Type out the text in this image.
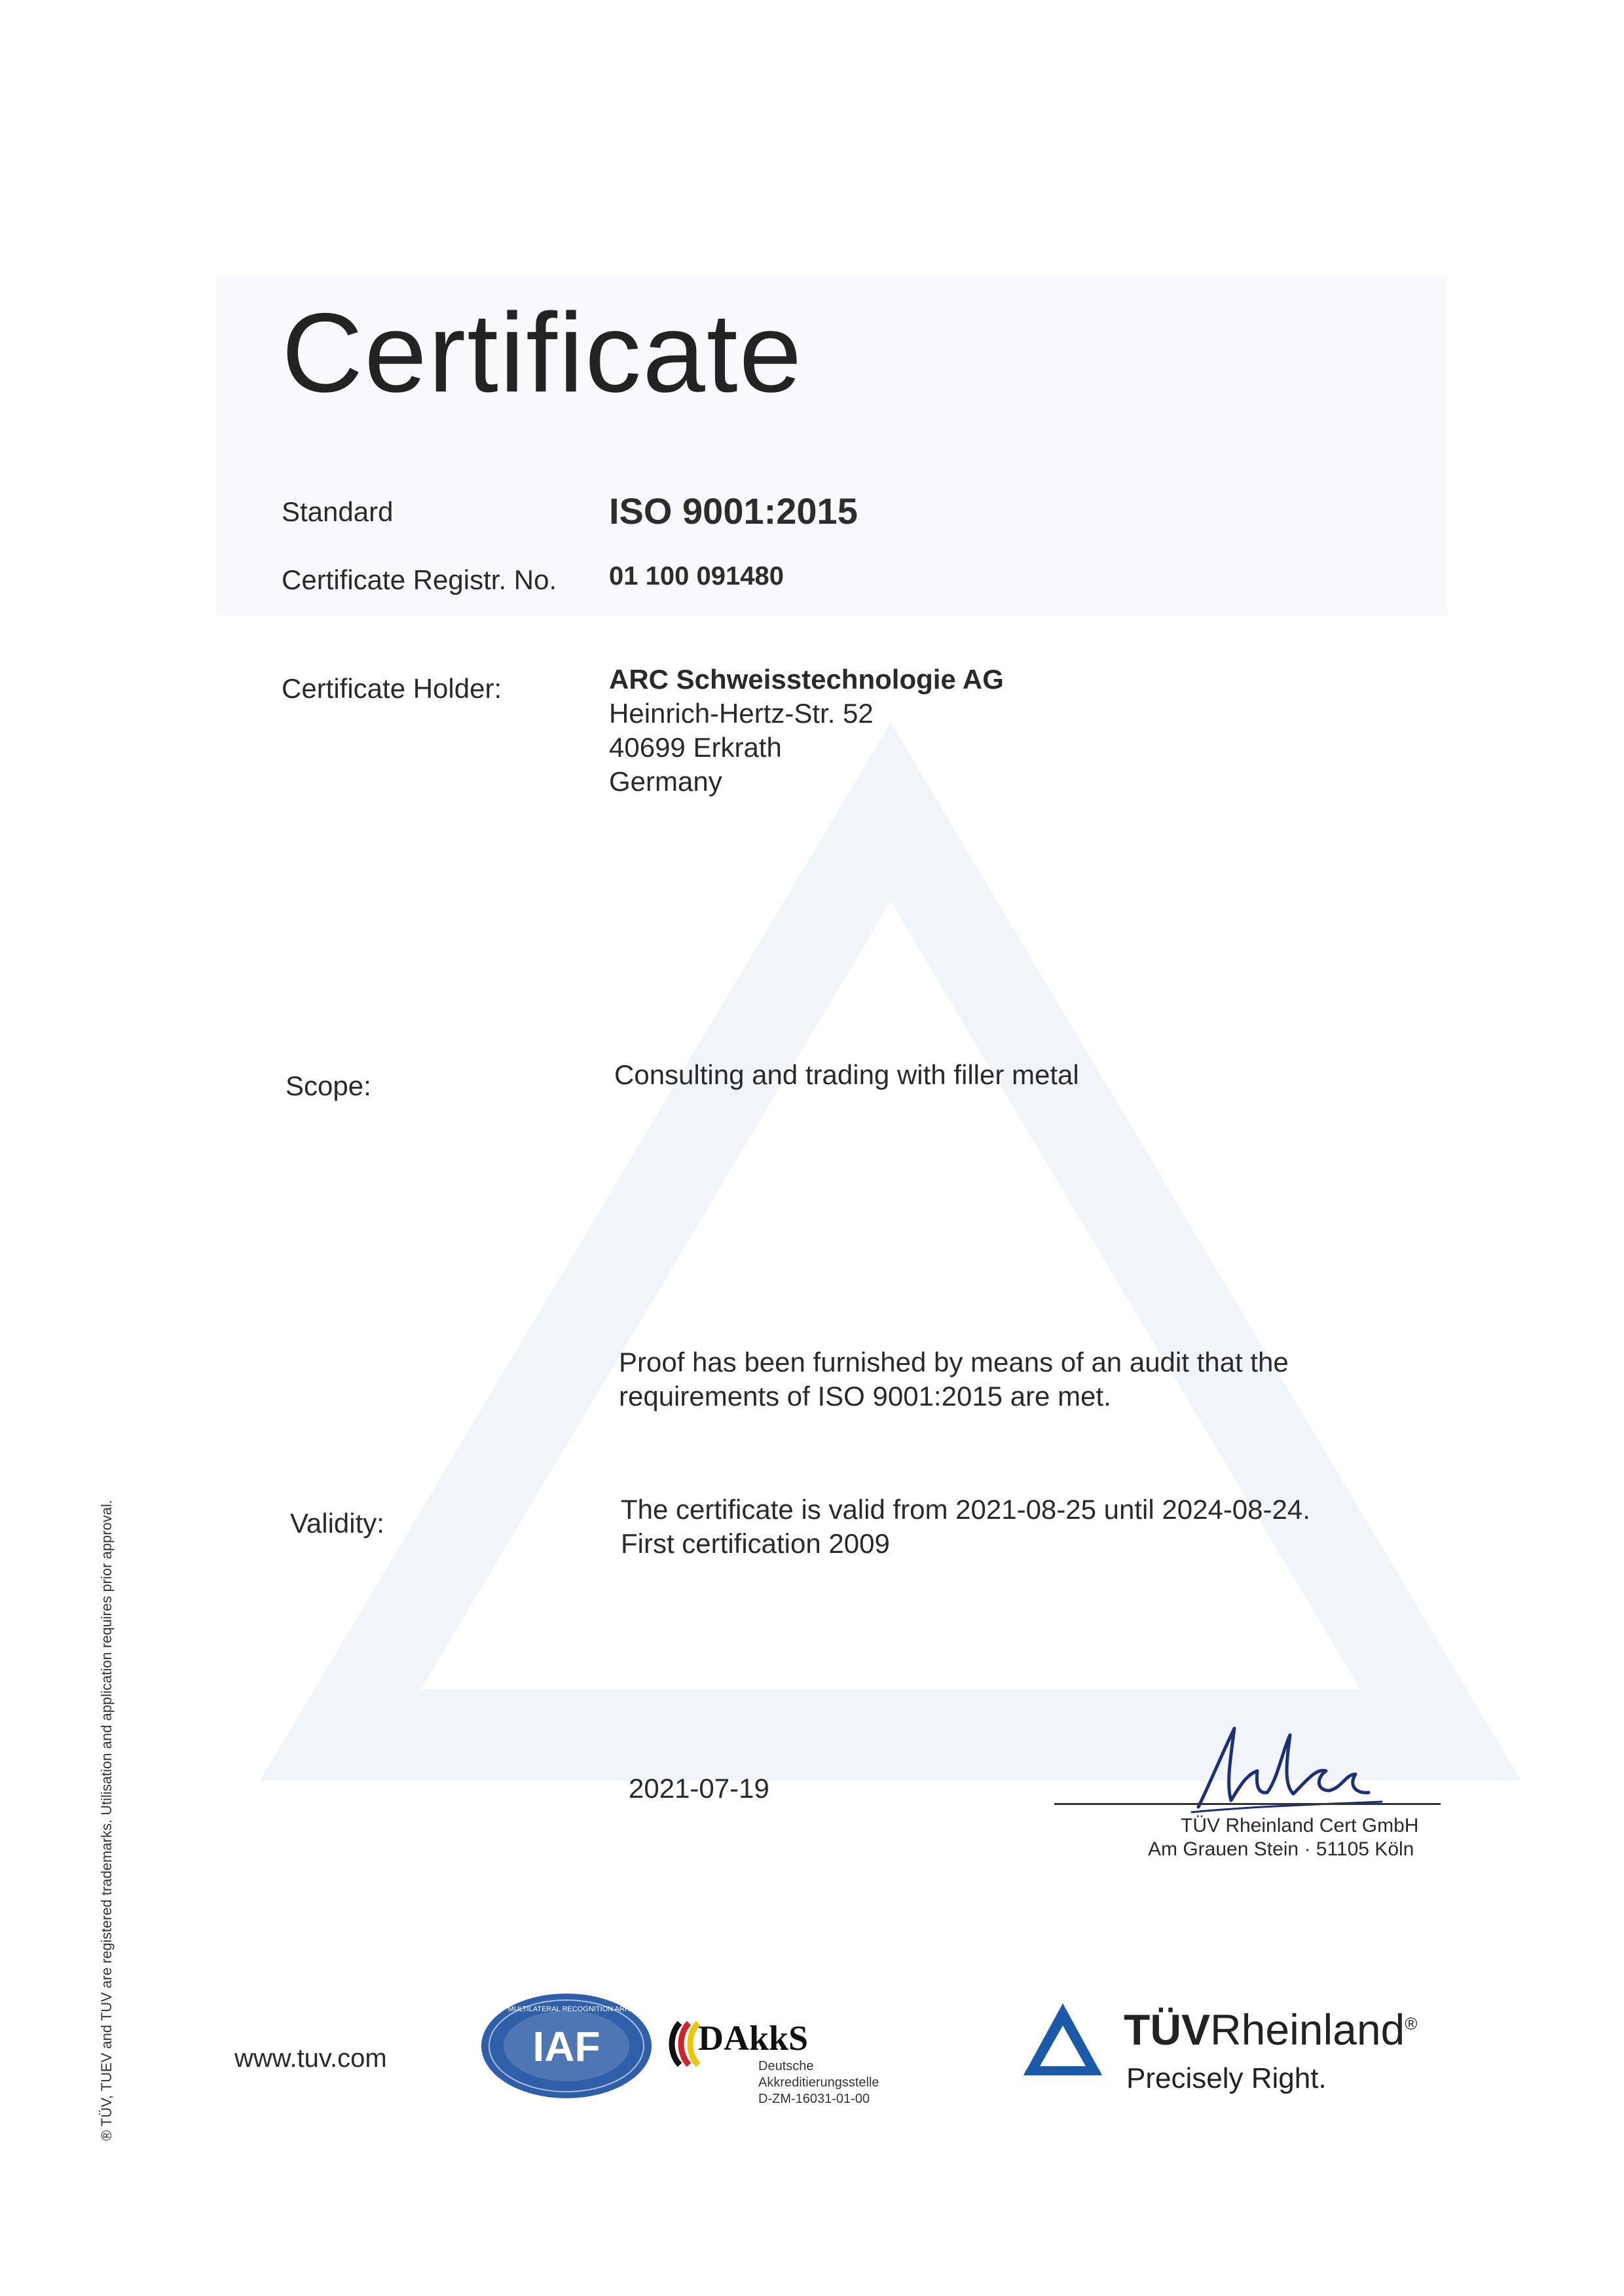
Certificate
Standard	ISO 9001:2015
Certificate Registr. No. 01 100 091480
Certificate Holder:	ARC Schweisstechnologie AG
Heinrich-Hertz-Str. 52
40699 Erkrath
Germany
Scope:	Consulting and trading with filler metal
Proof has been furnished by means of an audit that the
requirements of ISO 9001:2015 are met.
Validity:	The certificate is valid from 2021-08-25 until 2024-08-24.
First certification 2009
2021-07-19
TÜV Rheinland Cert GmbH
Am Grauen Stein · 51105 Köln
® TÜV, TUEV and TUV are registered trademarks. Utilisation and application requires prior approval.	www.tuv.com	IAF
MEMBER OF MULTILATERAL RECOGNITION ARRANGEMENT
DAkkS
Deutsche
Akkreditierungsstelle
D-ZM-16031-01-00
TÜVRheinland®
Precisely Right.
